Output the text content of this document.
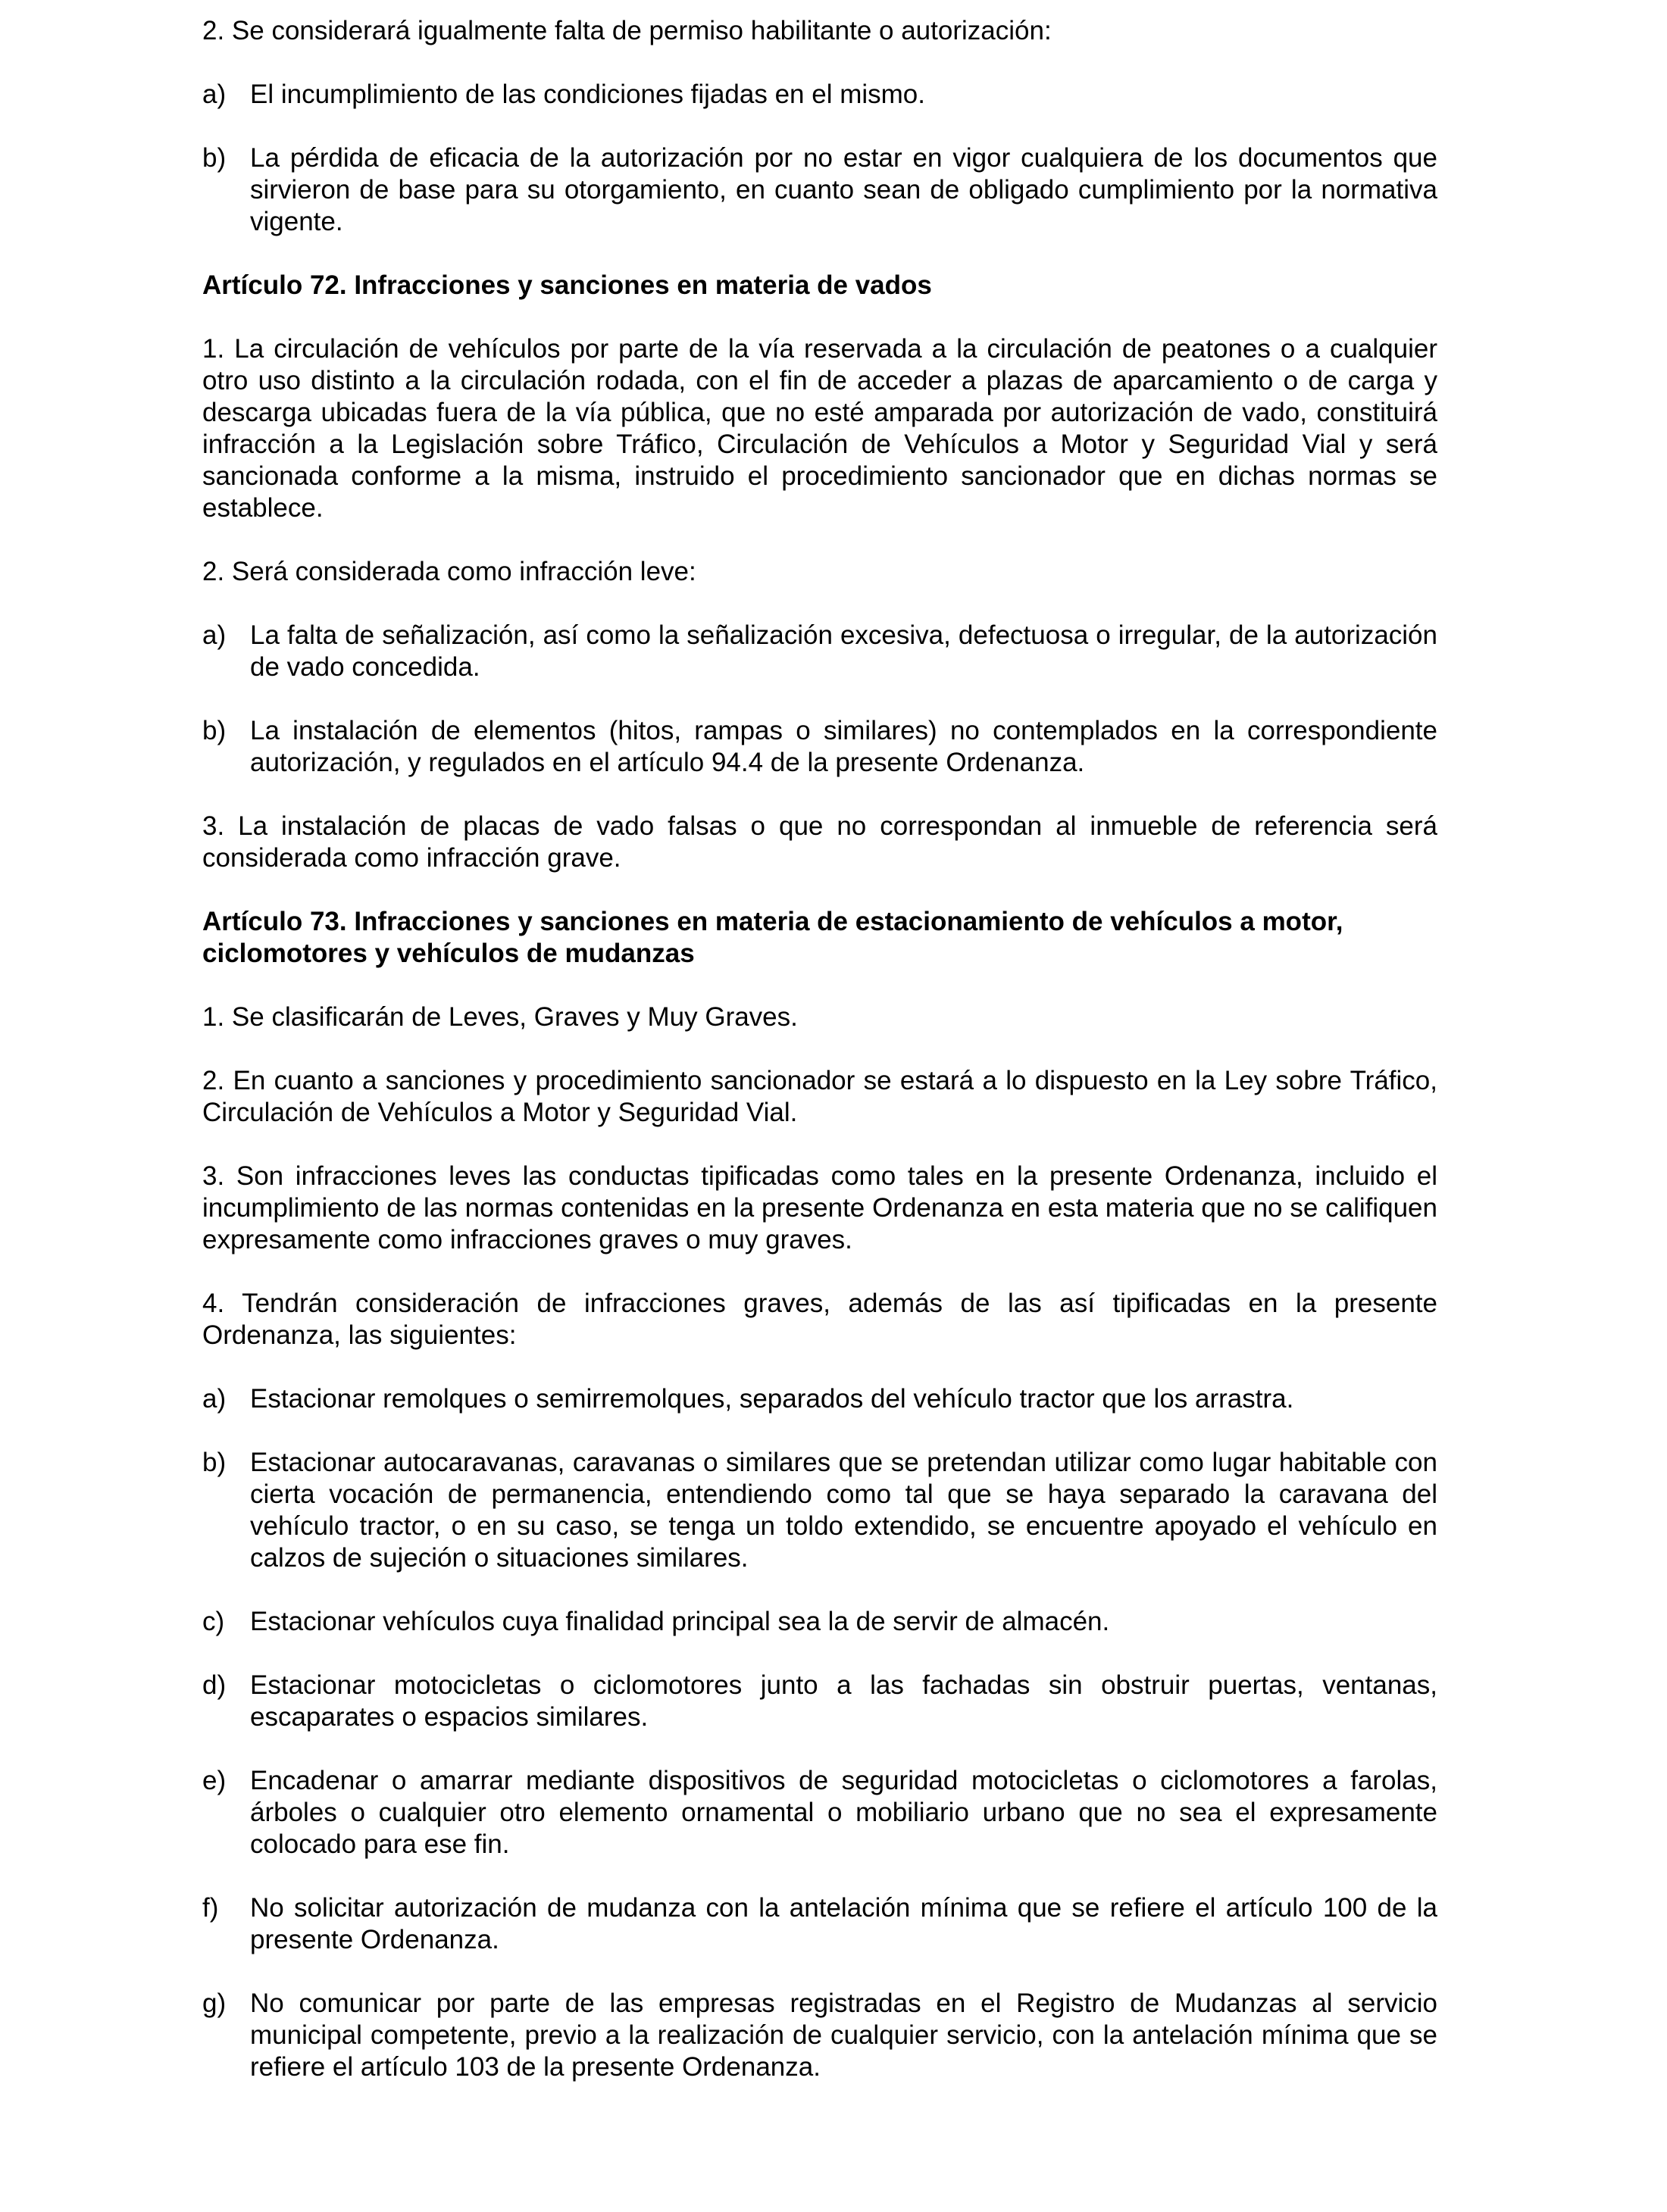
2. Se considerará igualmente falta de permiso habilitante o autorización:

a) El incumplimiento de las condiciones fijadas en el mismo.
b) La pérdida de eficacia de la autorización por no estar en vigor cualquiera de los documentos que sirvieron de base para su otorgamiento, en cuanto sean de obligado cumplimiento por la normativa vigente.

Artículo 72. Infracciones y sanciones en materia de vados

1. La circulación de vehículos por parte de la vía reservada a la circulación de peatones o a cualquier otro uso distinto a la circulación rodada, con el fin de acceder a plazas de aparcamiento o de carga y descarga ubicadas fuera de la vía pública, que no esté amparada por autorización de vado, constituirá infracción a la Legislación sobre Tráfico, Circulación de Vehículos a Motor y Seguridad Vial y será sancionada conforme a la misma, instruido el procedimiento sancionador que en dichas normas se establece.

2. Será considerada como infracción leve:

a) La falta de señalización, así como la señalización excesiva, defectuosa o irregular, de la autorización de vado concedida.
b) La instalación de elementos (hitos, rampas o similares) no contemplados en la correspondiente autorización, y regulados en el artículo 94.4 de la presente Ordenanza.

3. La instalación de placas de vado falsas o que no correspondan al inmueble de referencia será considerada como infracción grave.

Artículo 73. Infracciones y sanciones en materia de estacionamiento de vehículos a motor, ciclomotores y vehículos de mudanzas

1. Se clasificarán de Leves, Graves y Muy Graves.

2. En cuanto a sanciones y procedimiento sancionador se estará a lo dispuesto en la Ley sobre Tráfico, Circulación de Vehículos a Motor y Seguridad Vial.

3. Son infracciones leves las conductas tipificadas como tales en la presente Ordenanza, incluido el incumplimiento de las normas contenidas en la presente Ordenanza en esta materia que no se califiquen expresamente como infracciones graves o muy graves.

4. Tendrán consideración de infracciones graves, además de las así tipificadas en la presente Ordenanza, las siguientes:

a) Estacionar remolques o semirremolques, separados del vehículo tractor que los arrastra.
b) Estacionar autocaravanas, caravanas o similares que se pretendan utilizar como lugar habitable con cierta vocación de permanencia, entendiendo como tal que se haya separado la caravana del vehículo tractor, o en su caso, se tenga un toldo extendido, se encuentre apoyado el vehículo en calzos de sujeción o situaciones similares.
c) Estacionar vehículos cuya finalidad principal sea la de servir de almacén.
d) Estacionar motocicletas o ciclomotores junto a las fachadas sin obstruir puertas, ventanas, escaparates o espacios similares.
e) Encadenar o amarrar mediante dispositivos de seguridad motocicletas o ciclomotores a farolas, árboles o cualquier otro elemento ornamental o mobiliario urbano que no sea el expresamente colocado para ese fin.
f) No solicitar autorización de mudanza con la antelación mínima que se refiere el artículo 100 de la presente Ordenanza.
g) No comunicar por parte de las empresas registradas en el Registro de Mudanzas al servicio municipal competente, previo a la realización de cualquier servicio, con la antelación mínima que se refiere el artículo 103 de la presente Ordenanza.
